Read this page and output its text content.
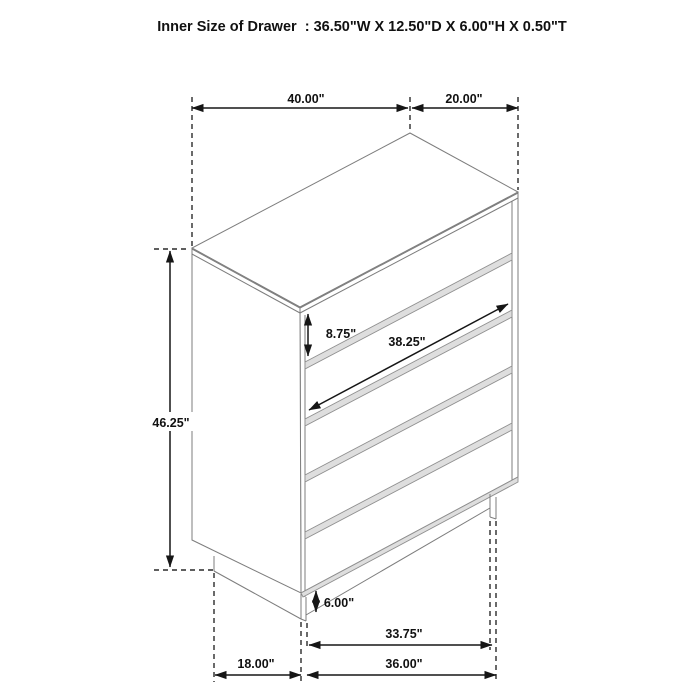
Inner Size of Drawer  : 36.50"W X 12.50"D X 6.00"H X 0.50"T
40.00"	20.00"
46.25"
8.75"
38.25"
6.00"
33.75"
18.00"	36.00"
